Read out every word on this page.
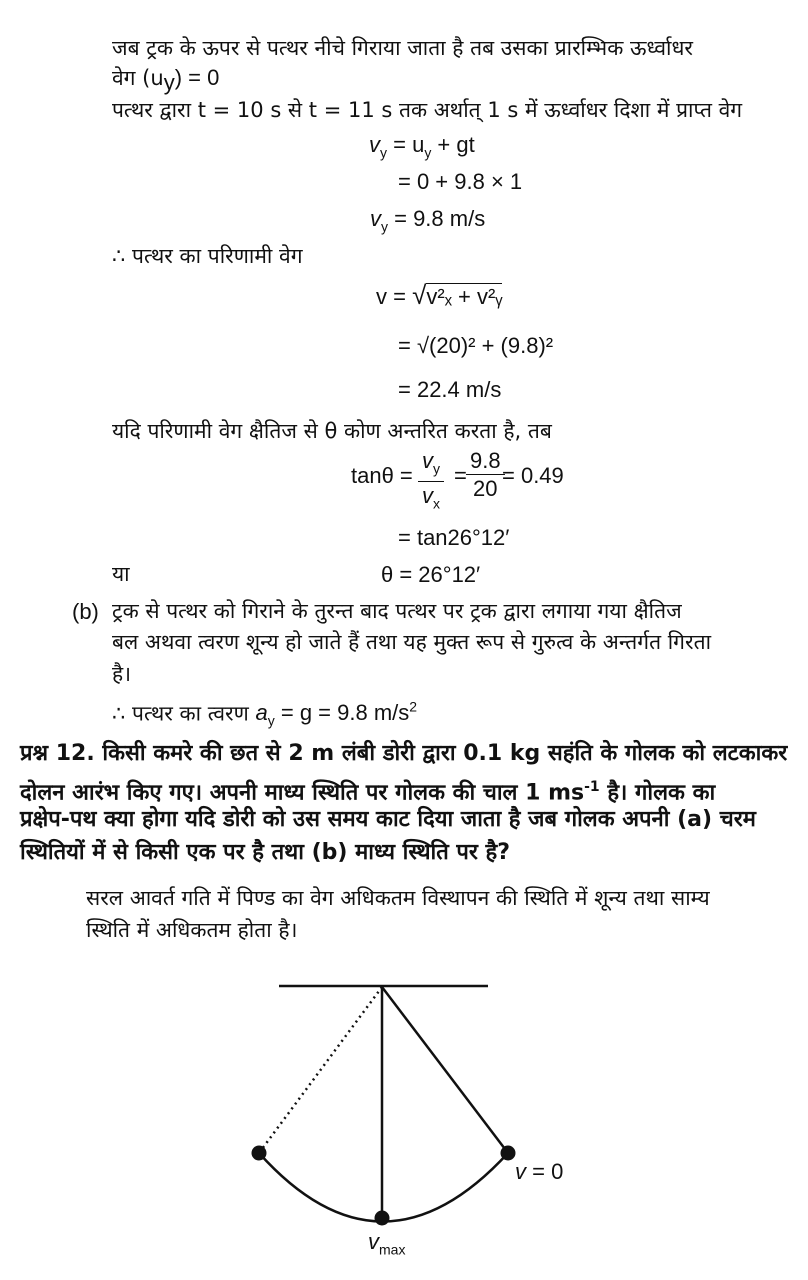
जब ट्रक के ऊपर से पत्थर नीचे गिराया जाता है तब उसका प्रारम्भिक ऊर्ध्वाधर
वेग $(u_y) = 0$
पत्थर द्वारा t = 10 s से t = 11 s तक अर्थात् 1 s में ऊर्ध्वाधर दिशा में प्राप्त वेग
$v_y = u_y$ + gt
= 0 + 9.8 × 1
$v_y = 9.8$ m/s
∴ पत्थर का परिणामी वेग
v = √v²ₓ + v²ᵧ
= √(20)² + (9.8)²
= 22.4 m/s
यदि परिणामी वेग क्षैतिज से θ कोण अन्तरित करता है, तब
$\tan\theta = \frac{v_y}{v_x} = \frac{9.8}{20}$
= 0.49
= tan26°12′
या	θ = 26°12′
(b) ट्रक से पत्थर को गिराने के तुरन्त बाद पत्थर पर ट्रक द्वारा लगाया गया क्षैतिज
बल अथवा त्वरण शून्य हो जाते हैं तथा यह मुक्त रूप से गुरुत्व के अन्तर्गत गिरता
है।
∴ पत्थर का त्वरण $a_y = g = 9.8$ $m/s^2$
प्रश्न 12. किसी कमरे की छत से 2 m लंबी डोरी द्वारा 0.1 kg सहंति के गोलक को लटकाकर
दोलन आरंभ किए गए। अपनी माध्य स्थिति पर गोलक की चाल 1 $ms^{-1}$ है। गोलक का
प्रक्षेप-पथ क्या होगा यदि डोरी को उस समय काट दिया जाता है जब गोलक अपनी (a) चरम
स्थितियों में से किसी एक पर है तथा (b) माध्य स्थिति पर है?
सरल आवर्त गति में पिण्ड का वेग अधिकतम विस्थापन की स्थिति में शून्य तथा साम्य
स्थिति में अधिकतम होता है।
v = 0
$v_{max}$
